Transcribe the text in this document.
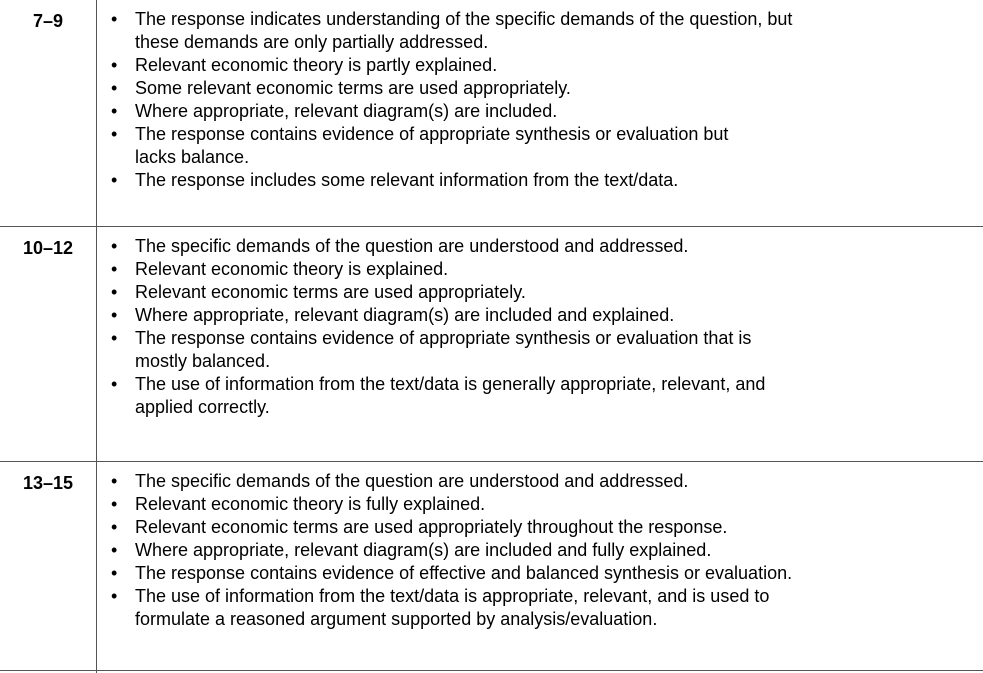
7–9	• The response indicates understanding of the specific demands of the question, but
these demands are only partially addressed.
• Relevant economic theory is partly explained.
• Some relevant economic terms are used appropriately.
• Where appropriate, relevant diagram(s) are included.
• The response contains evidence of appropriate synthesis or evaluation but
lacks balance.
• The response includes some relevant information from the text/data.
10–12	• The specific demands of the question are understood and addressed.
• Relevant economic theory is explained.
• Relevant economic terms are used appropriately.
• Where appropriate, relevant diagram(s) are included and explained.
• The response contains evidence of appropriate synthesis or evaluation that is
mostly balanced.
• The use of information from the text/data is generally appropriate, relevant, and
applied correctly.
13–15	• The specific demands of the question are understood and addressed.
• Relevant economic theory is fully explained.
• Relevant economic terms are used appropriately throughout the response.
• Where appropriate, relevant diagram(s) are included and fully explained.
• The response contains evidence of effective and balanced synthesis or evaluation.
• The use of information from the text/data is appropriate, relevant, and is used to
formulate a reasoned argument supported by analysis/evaluation.
